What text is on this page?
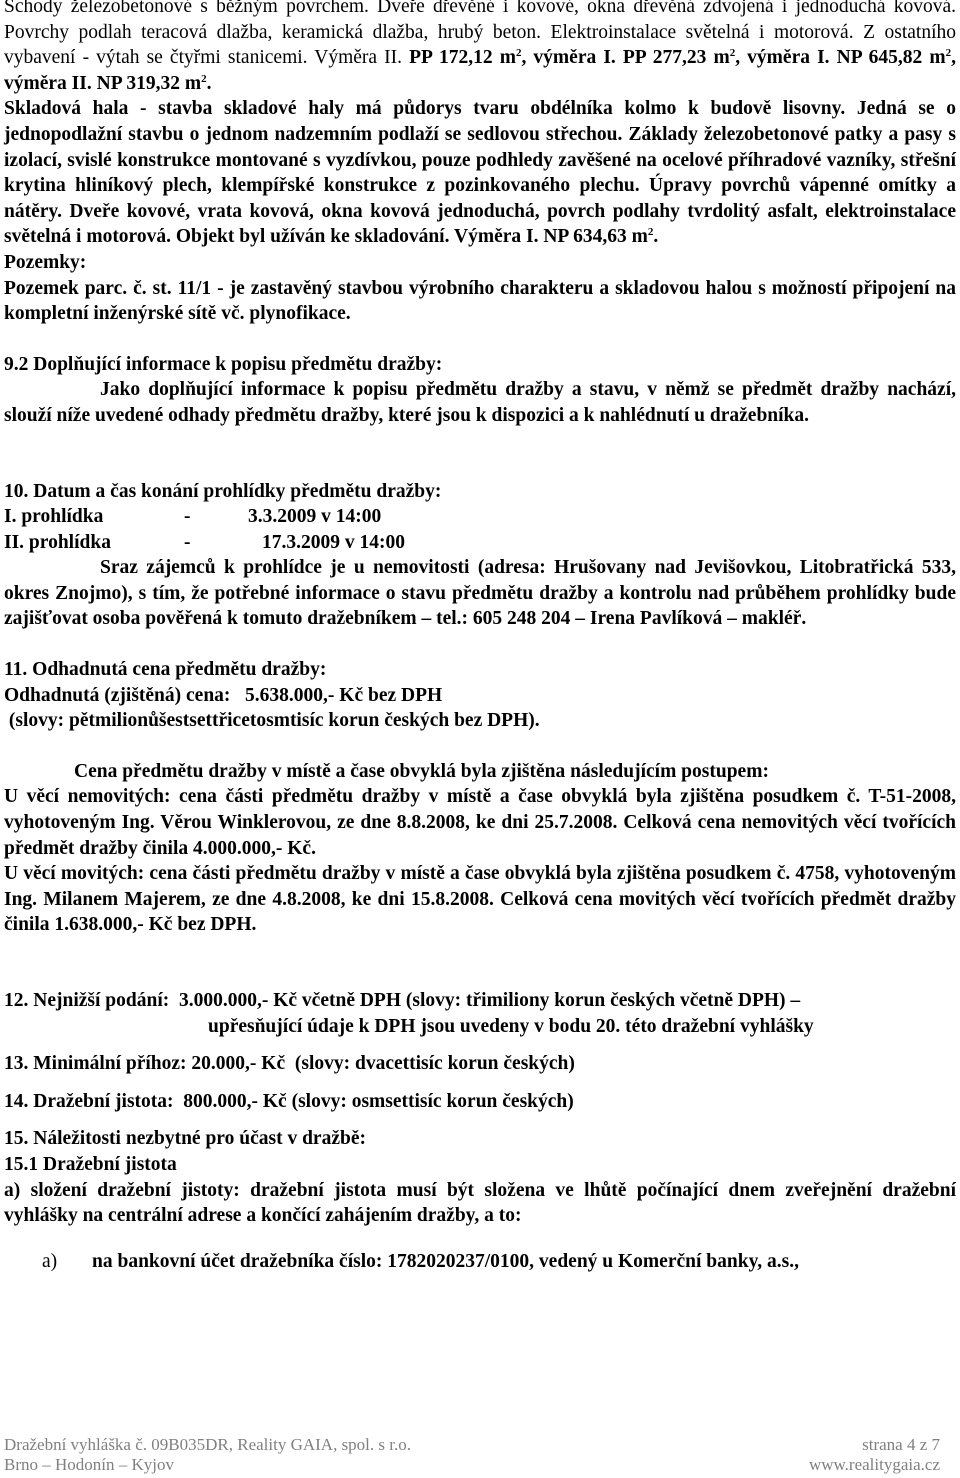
Schody železobetonové s běžným povrchem. Dveře dřevěné i kovové, okna dřevěná zdvojená i jednoduchá kovová. Povrchy podlah teracová dlažba, keramická dlažba, hrubý beton. Elektroinstalace světelná i motorová. Z ostatního vybavení - výtah se čtyřmi stanicemi. Výměra II. PP 172,12 $m^2$, výměra I. PP 277,23 $m^2$, výměra I. NP 645,82 $m^2$, výměra II. NP 319,32 $m^2$.

Skladová hala - stavba skladové haly má půdorys tvaru obdélníka kolmo k budově lisovny. Jedná se o jednopodlažní stavbu o jednom nadzemním podlaží se sedlovou střechou. Základy železobetonové patky a pasy s izolací, svislé konstrukce montované s vyzdívkou, pouze podhledy zavěšené na ocelové příhradové vazníky, střešní krytina hliníkový plech, klempířské konstrukce z pozinkovaného plechu. Úpravy povrchů vápenné omítky a nátěry. Dveře kovové, vrata kovová, okna kovová jednoduchá, povrch podlahy tvrdolitý asfalt, elektroinstalace světelná i motorová. Objekt byl užíván ke skladování. Výměra I. NP 634,63 $m^2$.

Pozemky:

Pozemek parc. č. st. 11/1 - je zastavěný stavbou výrobního charakteru a skladovou halou s možností připojení na kompletní inženýrské sítě vč. plynofikace.

9.2 Doplňující informace k popisu předmětu dražby:

Jako doplňující informace k popisu předmětu dražby a stavu, v němž se předmět dražby nachází, slouží níže uvedené odhady předmětu dražby, které jsou k dispozici a k nahlédnutí u dražebníka.

10. Datum a čas konání prohlídky předmětu dražby:

I. prohlídka	-	3.3.2009 v 14:00

II. prohlídka	-	17.3.2009 v 14:00

Sraz zájemců k prohlídce je u nemovitosti (adresa: Hrušovany nad Jevišovkou, Litobratřická 533, okres Znojmo), s tím, že potřebné informace o stavu předmětu dražby a kontrolu nad průběhem prohlídky bude zajišťovat osoba pověřená k tomuto dražebníkem – tel.: 605 248 204 – Irena Pavlíková – makléř.

11. Odhadnutá cena předmětu dražby:

Odhadnutá (zjištěná) cena:   5.638.000,- Kč bez DPH

(slovy: pětmilionůšestsettřicetosmtisíc korun českých bez DPH).

Cena předmětu dražby v místě a čase obvyklá byla zjištěna následujícím postupem:

U věcí nemovitých: cena části předmětu dražby v místě a čase obvyklá byla zjištěna posudkem č. T-51-2008, vyhotoveným Ing. Věrou Winklerovou, ze dne 8.8.2008, ke dni 25.7.2008. Celková cena nemovitých věcí tvořících předmět dražby činila 4.000.000,- Kč.

U věcí movitých: cena části předmětu dražby v místě a čase obvyklá byla zjištěna posudkem č. 4758, vyhotoveným Ing. Milanem Majerem, ze dne 4.8.2008, ke dni 15.8.2008. Celková cena movitých věcí tvořících předmět dražby činila 1.638.000,- Kč bez DPH.

12. Nejnižší podání:  3.000.000,- Kč včetně DPH (slovy: třimiliony korun českých včetně DPH) –

upřesňující údaje k DPH jsou uvedeny v bodu 20. této dražební vyhlášky

13. Minimální příhoz: 20.000,- Kč  (slovy: dvacettisíc korun českých)

14. Dražební jistota:  800.000,- Kč (slovy: osmsettisíc korun českých)

15. Náležitosti nezbytné pro účast v dražbě:

15.1 Dražební jistota

a) složení dražební jistoty: dražební jistota musí být složena ve lhůtě počínající dnem zveřejnění dražební vyhlášky na centrální adrese a končící zahájením dražby, a to:

a) na bankovní účet dražebníka číslo: 1782020237/0100, vedený u Komerční banky, a.s.,
Dražební vyhláška č. 09B035DR, Reality GAIA, spol. s r.o.	strana 4 z 7
Brno – Hodonín – Kyjov	www.realitygaia.cz
